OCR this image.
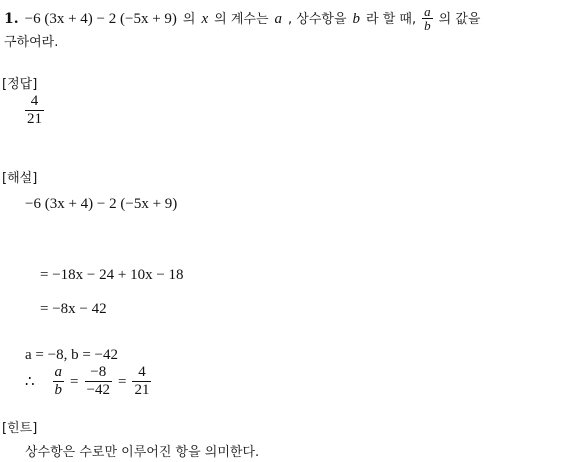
1. −6 (3x + 4) − 2 (−5x + 9) 의 x 의 계수는 a , 상수항을 b 라 할 때, $\frac{a}{b}$ 의 값을
구하여라.
[정답]
$\frac{4}{21}$
[해설]
−6 (3x + 4) − 2 (−5x + 9)
= −18x − 24 + 10x − 18
= −8x − 42
a = −8, b = −42
∴ $\frac{a}{b} = \frac{-8}{-42} = \frac{4}{21}$
[힌트]
상수항은 수로만 이루어진 항을 의미한다.
